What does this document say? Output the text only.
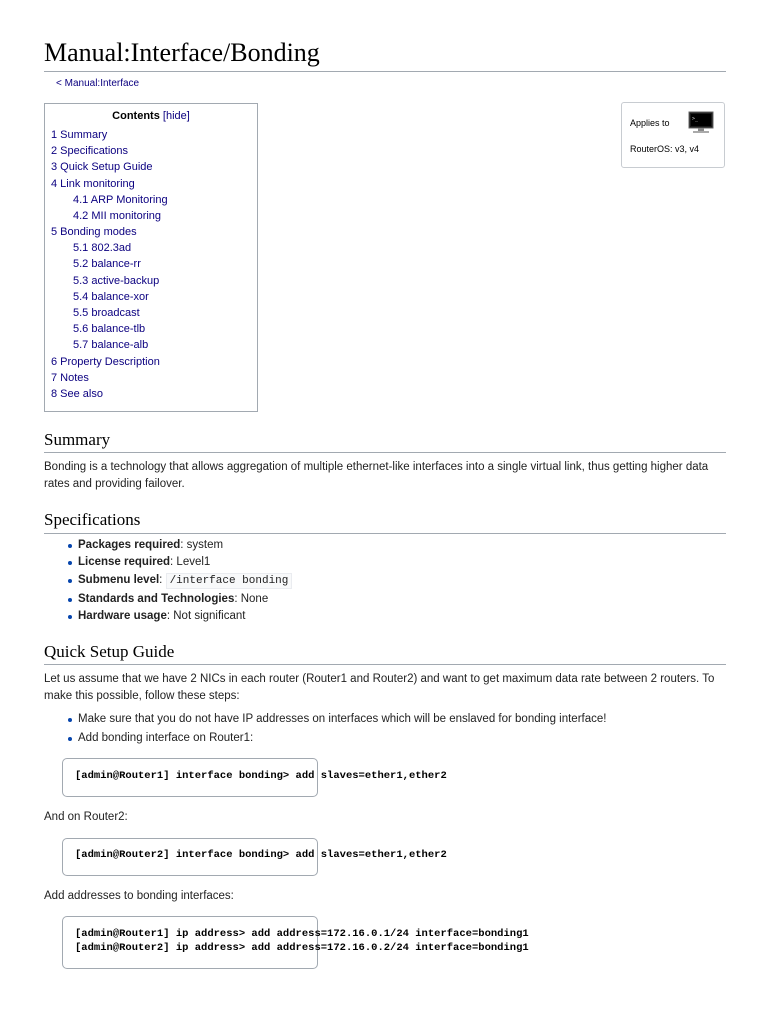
Manual:Interface/Bonding
< Manual:Interface
Contents [hide]
1 Summary
2 Specifications
3 Quick Setup Guide
4 Link monitoring
4.1 ARP Monitoring
4.2 MII monitoring
5 Bonding modes
5.1 802.3ad
5.2 balance-rr
5.3 active-backup
5.4 balance-xor
5.5 broadcast
5.6 balance-tlb
5.7 balance-alb
6 Property Description
7 Notes
8 See also
Applies to	>_
RouterOS: v3, v4
Summary

Bonding is a technology that allows aggregation of multiple ethernet-like interfaces into a single virtual link, thus getting higher data rates and providing failover.

Specifications
Packages required: system
License required: Level1
Submenu level: /interface bonding
Standards and Technologies: None
Hardware usage: Not significant
Quick Setup Guide

Let us assume that we have 2 NICs in each router (Router1 and Router2) and want to get maximum data rate between 2 routers. To make this possible, follow these steps:

Make sure that you do not have IP addresses on interfaces which will be enslaved for bonding interface!
Add bonding interface on Router1:
[admin@Router1] interface bonding> add slaves=ether1,ether2

And on Router2:

[admin@Router2] interface bonding> add slaves=ether1,ether2

Add addresses to bonding interfaces:

[admin@Router1] ip address> add address=172.16.0.1/24 interface=bonding1
[admin@Router2] ip address> add address=172.16.0.2/24 interface=bonding1
